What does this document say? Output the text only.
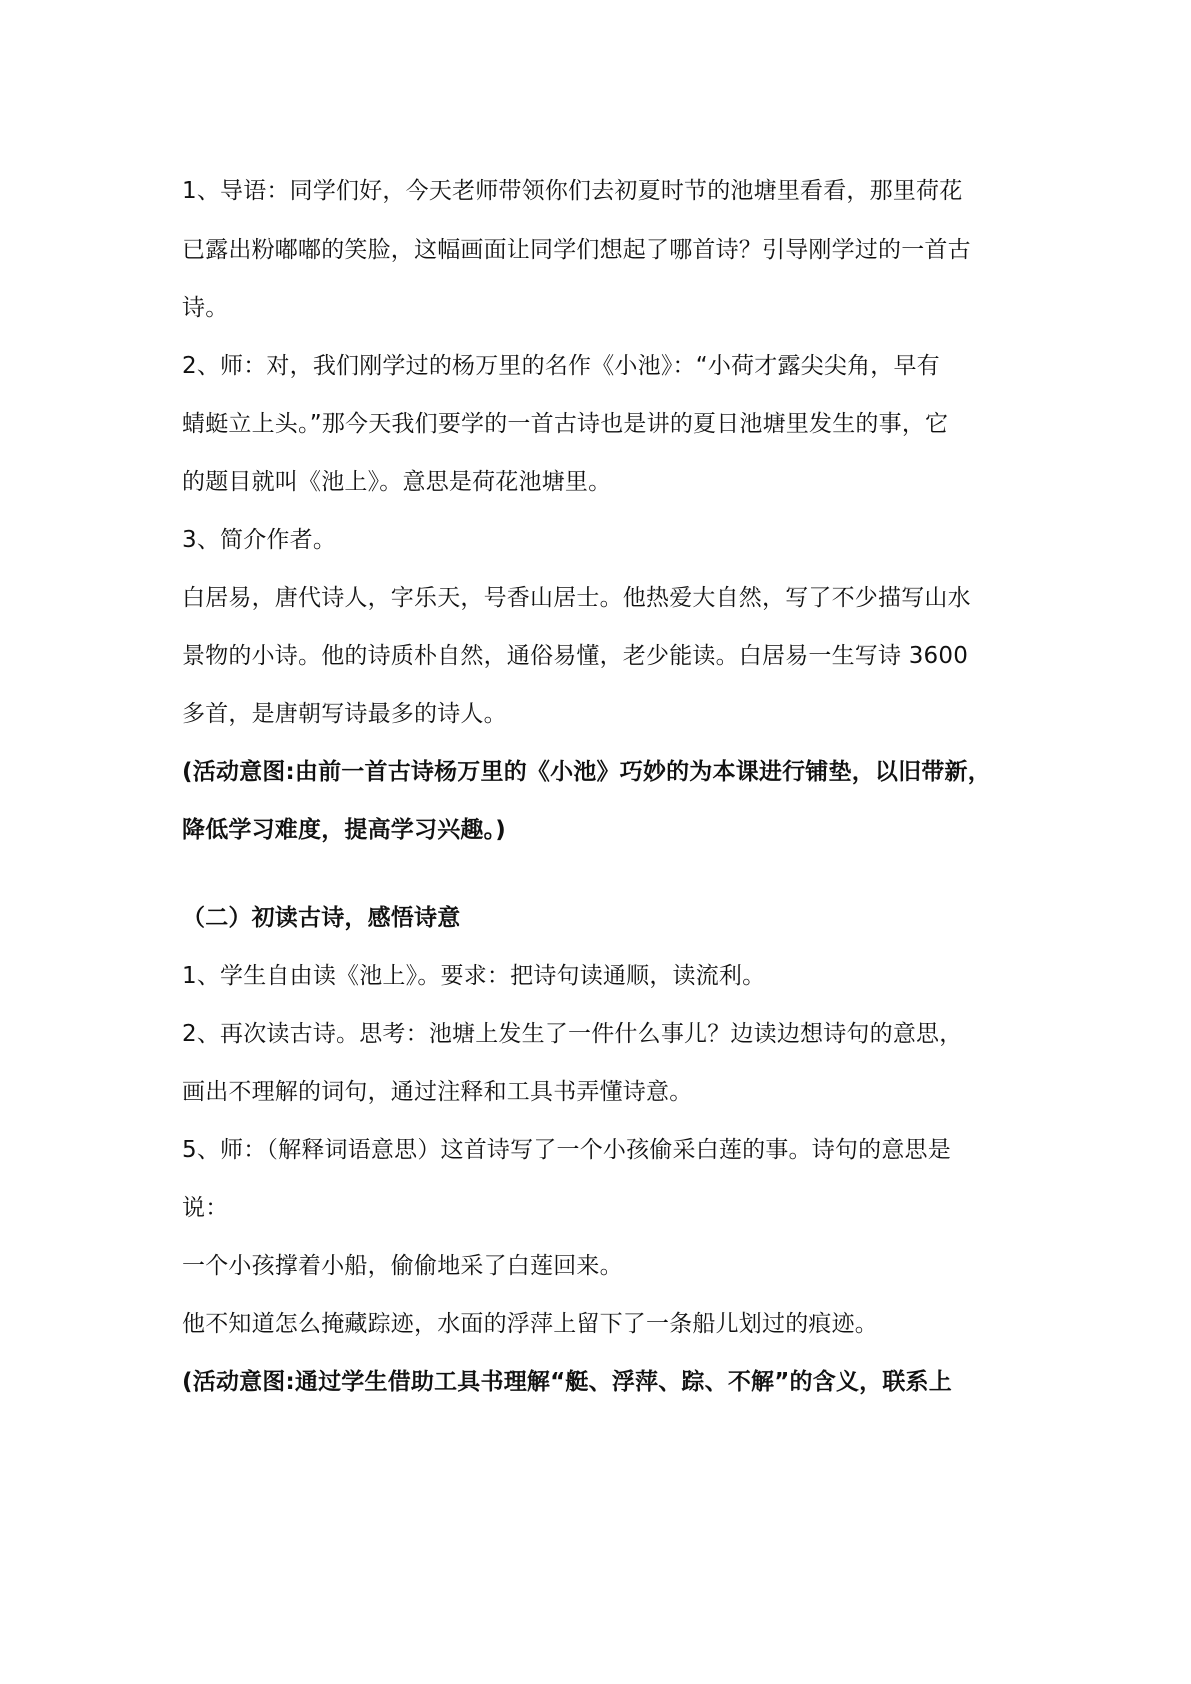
1、导语：同学们好，今天老师带领你们去初夏时节的池塘里看看，那里荷花
已露出粉嘟嘟的笑脸，这幅画面让同学们想起了哪首诗？引导刚学过的一首古
诗。
2、师：对，我们刚学过的杨万里的名作《小池》：“小荷才露尖尖角，早有
蜻蜓立上头。”那今天我们要学的一首古诗也是讲的夏日池塘里发生的事，它
的题目就叫《池上》。意思是荷花池塘里。
3、简介作者。
白居易，唐代诗人，字乐天，号香山居士。他热爱大自然，写了不少描写山水
景物的小诗。他的诗质朴自然，通俗易懂，老少能读。白居易一生写诗 3600
多首，是唐朝写诗最多的诗人。
(活动意图:由前一首古诗杨万里的《小池》巧妙的为本课进行铺垫，以旧带新，
降低学习难度，提高学习兴趣。)
（二）初读古诗，感悟诗意
1、学生自由读《池上》。要求：把诗句读通顺，读流利。
2、再次读古诗。思考：池塘上发生了一件什么事儿？边读边想诗句的意思，
画出不理解的词句，通过注释和工具书弄懂诗意。
5、师：（解释词语意思）这首诗写了一个小孩偷采白莲的事。诗句的意思是
说：
一个小孩撑着小船，偷偷地采了白莲回来。
他不知道怎么掩藏踪迹，水面的浮萍上留下了一条船儿划过的痕迹。
(活动意图:通过学生借助工具书理解“艇、浮萍、踪、不解”的含义，联系上
